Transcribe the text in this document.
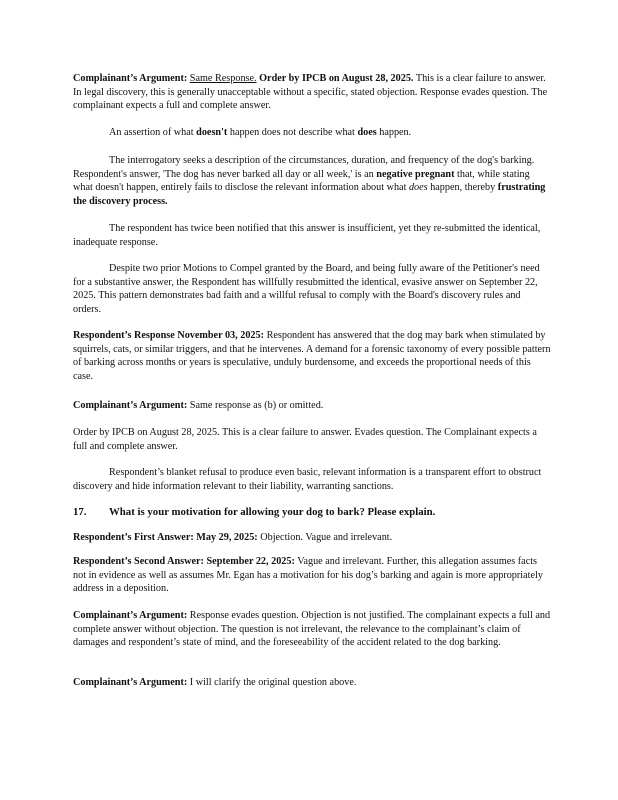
Complainant’s Argument: Same Response. Order by IPCB on August 28, 2025. This is a clear failure to answer. In legal discovery, this is generally unacceptable without a specific, stated objection. Response evades question. The complainant expects a full and complete answer.

An assertion of what doesn't happen does not describe what does happen.

The interrogatory seeks a description of the circumstances, duration, and frequency of the dog's barking. Respondent's answer, 'The dog has never barked all day or all week,' is an negative pregnant that, while stating what doesn't happen, entirely fails to disclose the relevant information about what does happen, thereby frustrating the discovery process.

The respondent has twice been notified that this answer is insufficient, yet they re-submitted the identical, inadequate response.

Despite two prior Motions to Compel granted by the Board, and being fully aware of the Petitioner's need for a substantive answer, the Respondent has willfully resubmitted the identical, evasive answer on September 22, 2025. This pattern demonstrates bad faith and a willful refusal to comply with the Board's discovery rules and orders.

Respondent’s Response November 03, 2025: Respondent has answered that the dog may bark when stimulated by squirrels, cats, or similar triggers, and that he intervenes. A demand for a forensic taxonomy of every possible pattern of barking across months or years is speculative, unduly burdensome, and exceeds the proportional needs of this case.

Complainant’s Argument: Same response as (b) or omitted.

Order by IPCB on August 28, 2025. This is a clear failure to answer. Evades question. The Complainant expects a full and complete answer.

Respondent’s blanket refusal to produce even basic, relevant information is a transparent effort to obstruct discovery and hide information relevant to their liability, warranting sanctions.

17. What is your motivation for allowing your dog to bark? Please explain.

Respondent’s First Answer: May 29, 2025: Objection. Vague and irrelevant.

Respondent’s Second Answer: September 22, 2025: Vague and irrelevant. Further, this allegation assumes facts not in evidence as well as assumes Mr. Egan has a motivation for his dog’s barking and again is more appropriately address in a deposition.

Complainant’s Argument: Response evades question. Objection is not justified. The complainant expects a full and complete answer without objection. The question is not irrelevant, the relevance to the complainant’s claim of damages and respondent’s state of mind, and the foreseeability of the accident related to the dog barking.

Complainant’s Argument: I will clarify the original question above.
